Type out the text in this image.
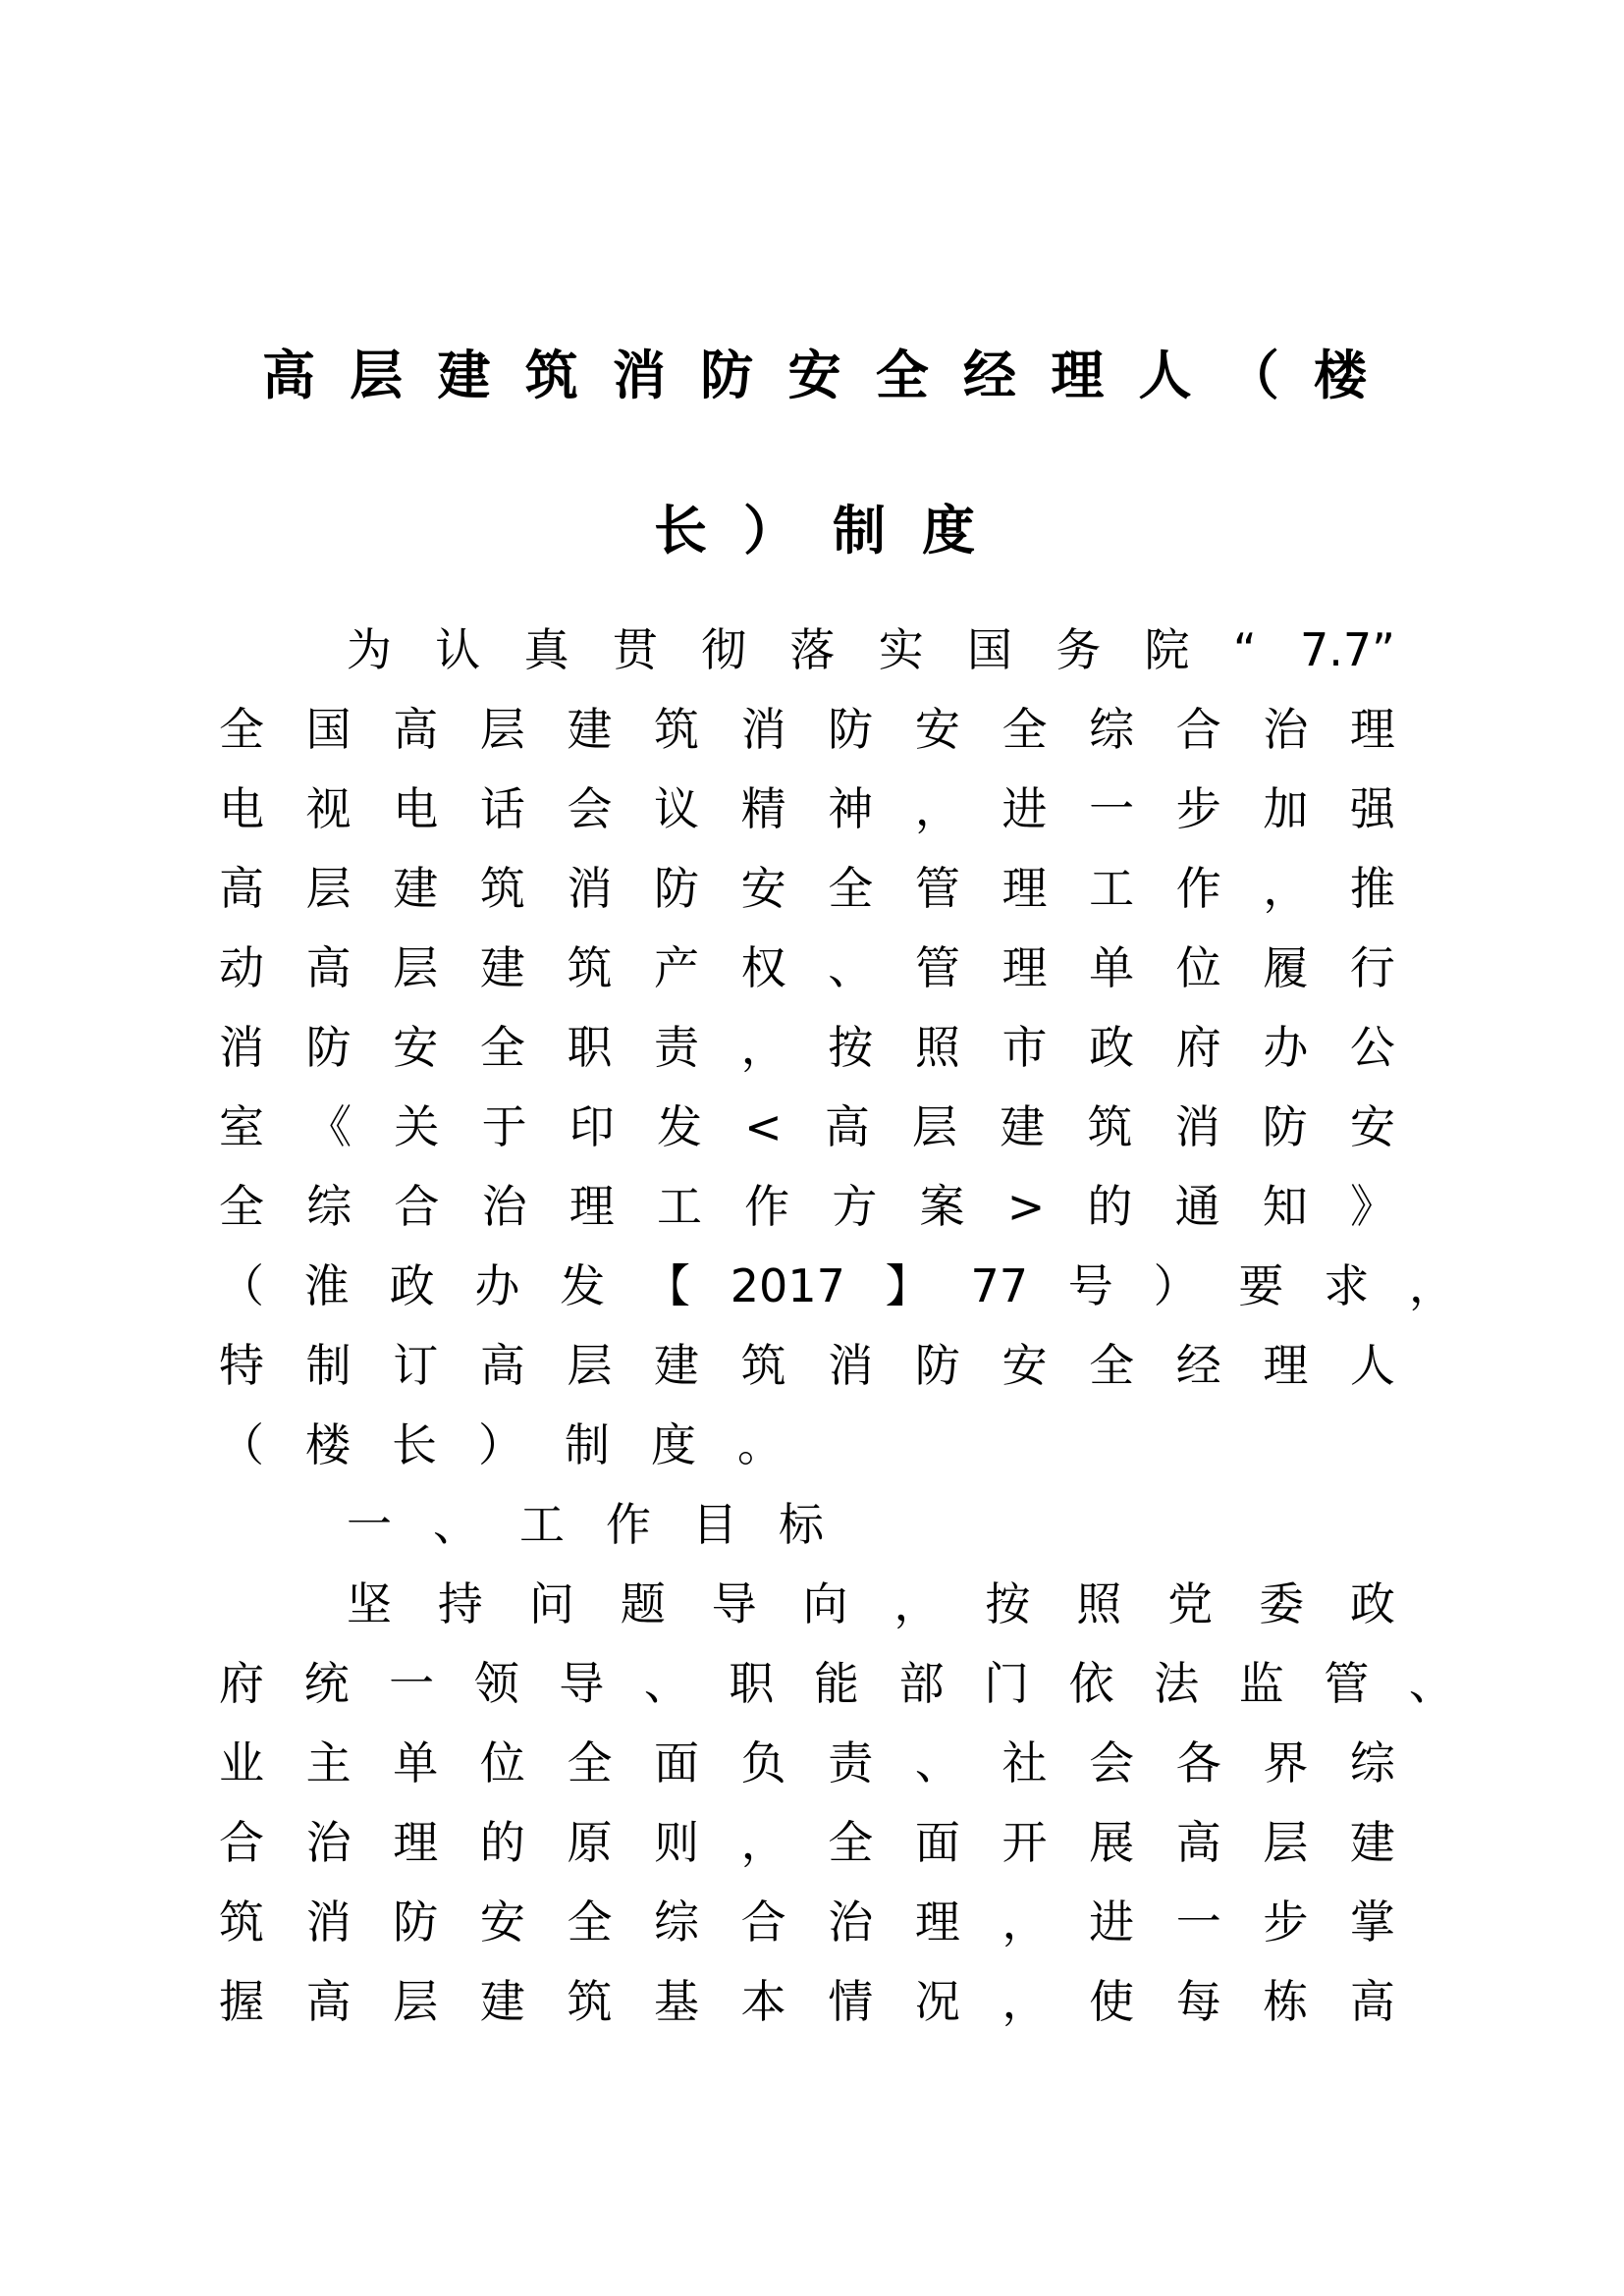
高 层 建 筑 消 防 安 全 经 理 人 （ 楼
长 ） 制 度
为 认 真 贯 彻 落 实 国 务 院 “ 7.7”
全 国 高 层 建 筑 消 防 安 全 综 合 治 理
电 视 电 话 会 议 精 神 ， 进 一 步 加 强
高 层 建 筑 消 防 安 全 管 理 工 作 ， 推
动 高 层 建 筑 产 权 、 管 理 单 位 履 行
消 防 安 全 职 责 ， 按 照 市 政 府 办 公
室 《 关 于 印 发 < 高 层 建 筑 消 防 安
全 综 合 治 理 工 作 方 案 > 的 通 知 》
（ 淮 政 办 发 【 2017 】 77 号 ） 要 求 ，
特 制 订 高 层 建 筑 消 防 安 全 经 理 人
（楼长）制度。
一、工作目标
坚 持 问 题 导 向 ， 按 照 党 委 政
府 统 一 领 导 、 职 能 部 门 依 法 监 管 、
业 主 单 位 全 面 负 责 、 社 会 各 界 综
合 治 理 的 原 则 ， 全 面 开 展 高 层 建
筑 消 防 安 全 综 合 治 理 ， 进 一 步 掌
握 高 层 建 筑 基 本 情 况 ， 使 每 栋 高
